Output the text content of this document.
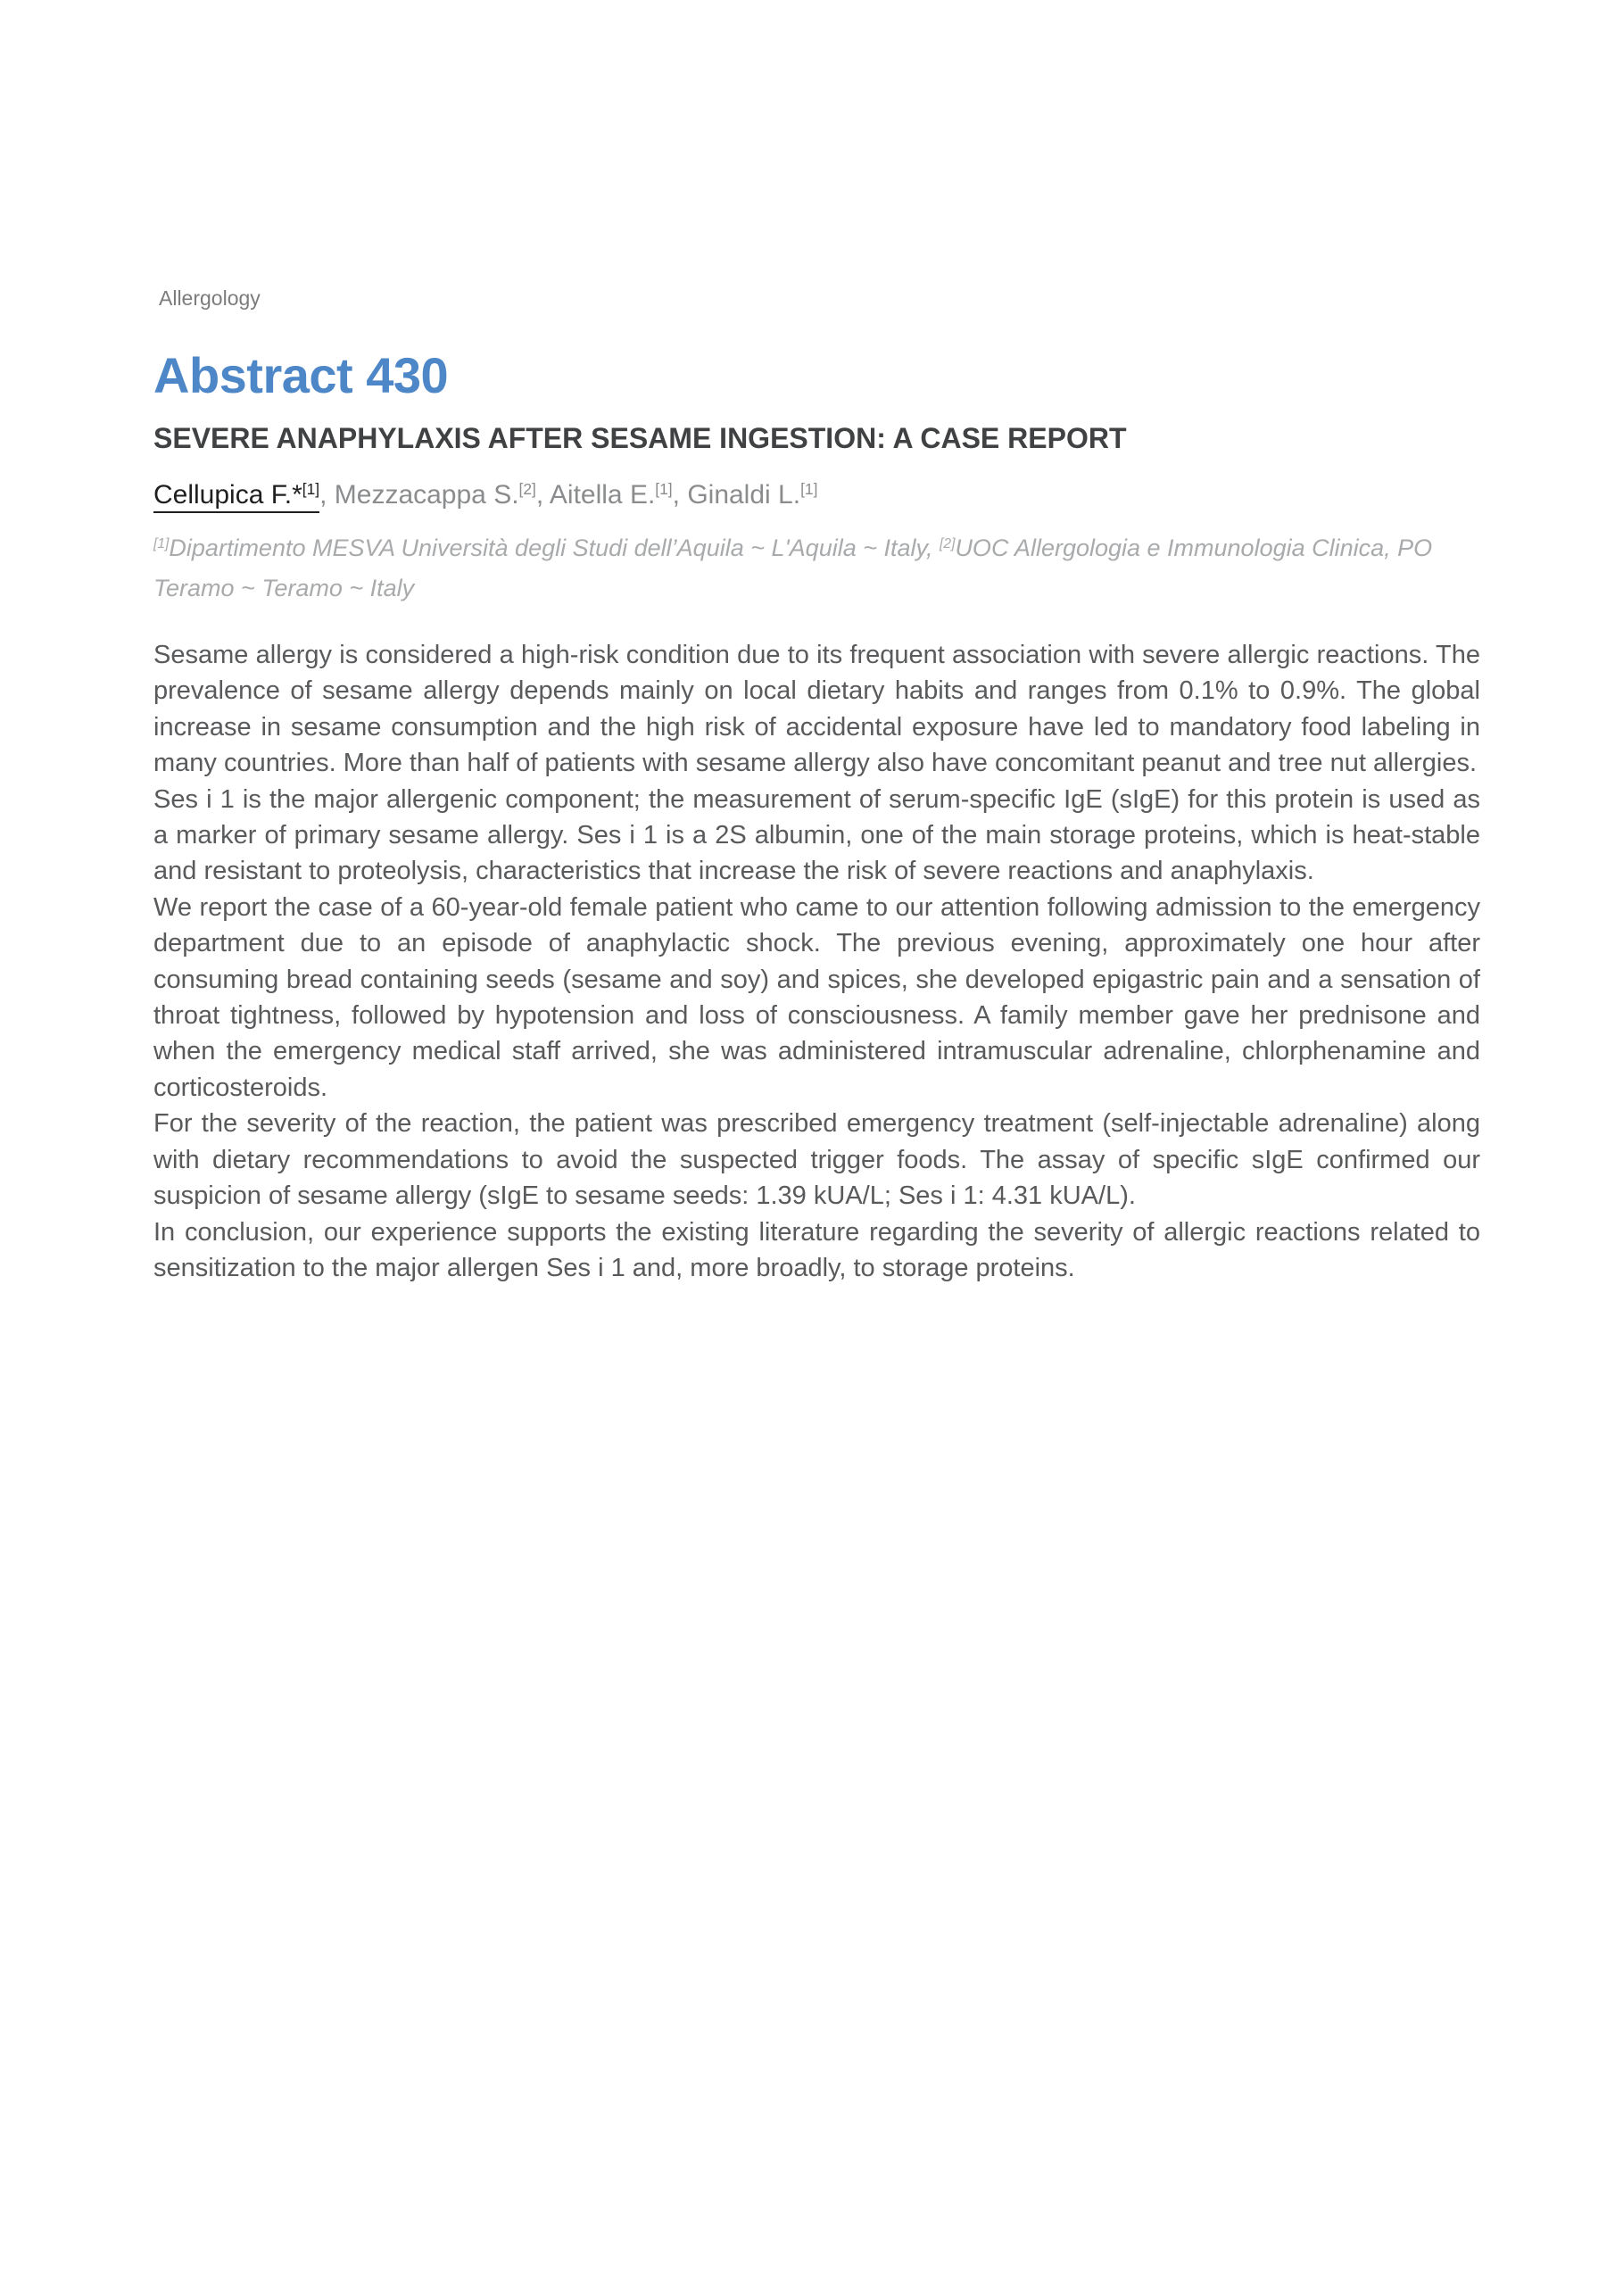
Allergology
Abstract 430
SEVERE ANAPHYLAXIS AFTER SESAME INGESTION: A CASE REPORT
Cellupica F.*[1], Mezzacappa S.[2], Aitella E.[1], Ginaldi L.[1]
[1]Dipartimento MESVA Università degli Studi dell’Aquila ~ L'Aquila ~ Italy, [2]UOC Allergologia e Immunologia Clinica, PO Teramo ~ Teramo ~ Italy

Sesame allergy is considered a high-risk condition due to its frequent association with severe allergic reactions. The prevalence of sesame allergy depends mainly on local dietary habits and ranges from 0.1% to 0.9%. The global increase in sesame consumption and the high risk of accidental exposure have led to mandatory food labeling in many countries. More than half of patients with sesame allergy also have concomitant peanut and tree nut allergies.

Ses i 1 is the major allergenic component; the measurement of serum-specific IgE (sIgE) for this protein is used as a marker of primary sesame allergy. Ses i 1 is a 2S albumin, one of the main storage proteins, which is heat-stable and resistant to proteolysis, characteristics that increase the risk of severe reactions and anaphylaxis.

We report the case of a 60-year-old female patient who came to our attention following admission to the emergency department due to an episode of anaphylactic shock. The previous evening, approximately one hour after consuming bread containing seeds (sesame and soy) and spices, she developed epigastric pain and a sensation of throat tightness, followed by hypotension and loss of consciousness. A family member gave her prednisone and when the emergency medical staff arrived, she was administered intramuscular adrenaline, chlorphenamine and corticosteroids.

For the severity of the reaction, the patient was prescribed emergency treatment (self-injectable adrenaline) along with dietary recommendations to avoid the suspected trigger foods. The assay of specific sIgE confirmed our suspicion of sesame allergy (sIgE to sesame seeds: 1.39 kUA/L; Ses i 1: 4.31 kUA/L).

In conclusion, our experience supports the existing literature regarding the severity of allergic reactions related to sensitization to the major allergen Ses i 1 and, more broadly, to storage proteins.
